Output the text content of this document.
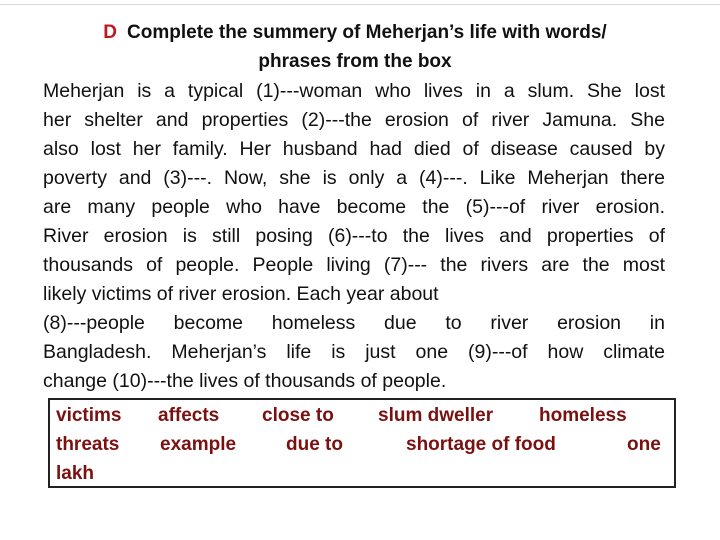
D Complete the summery of Meherjan’s life with words/
phrases from the box
Meherjan is a typical (1)---woman who lives in a slum. She lost
her shelter and properties (2)---the erosion of river Jamuna. She
also lost her family. Her husband had died of disease caused by
poverty and (3)---. Now, she is only a (4)---. Like Meherjan there
are many people who have become the (5)---of river erosion.
River erosion is still posing (6)---to the lives and properties of
thousands of people. People living (7)--- the rivers are the most
likely victims of river erosion. Each year about
(8)---people become homeless due to river erosion in
Bangladesh. Meherjan’s life is just one (9)---of how climate
change (10)---the lives of thousands of people.
victims affects close to slum dweller homeless
threats example	due to	shortage of food	one
lakh
